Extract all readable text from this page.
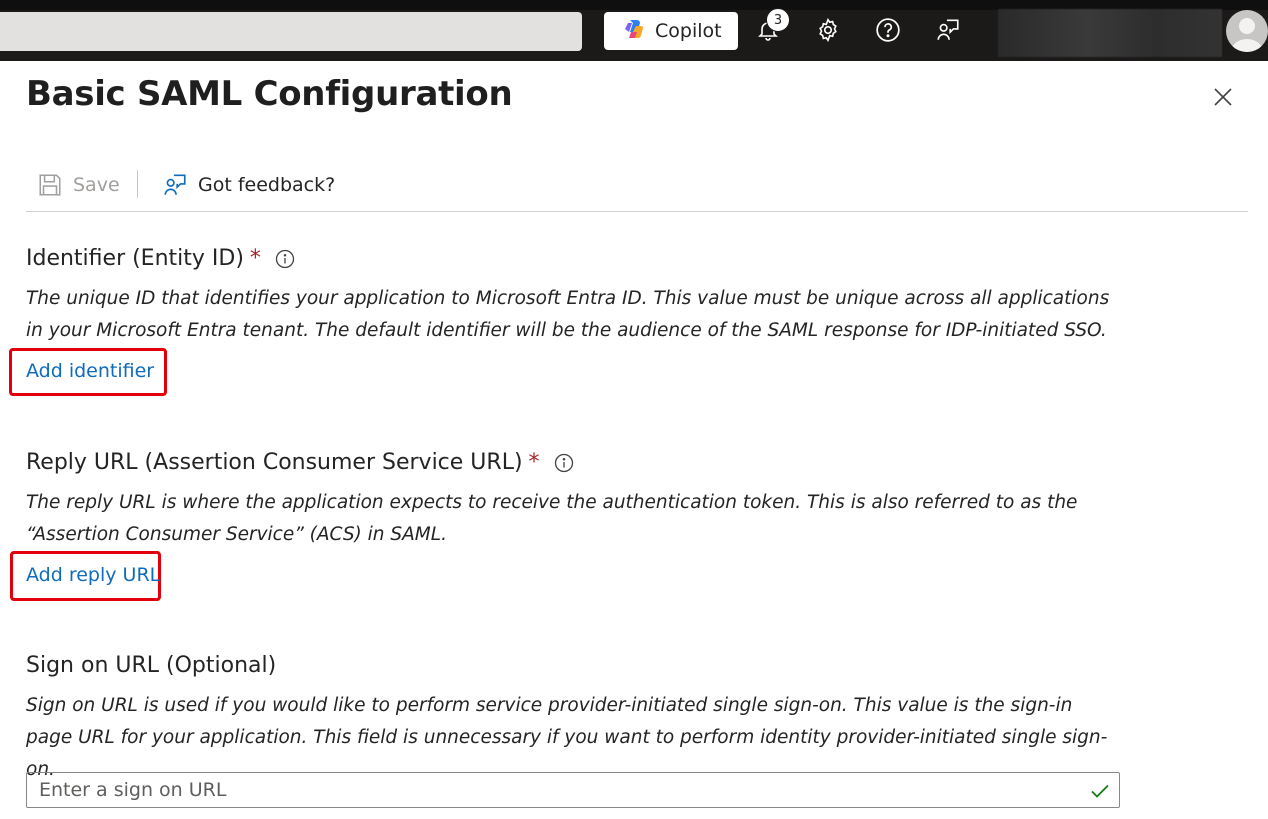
Copilot	3
Basic SAML Configuration
Save	Got feedback?
Identifier (Entity ID) *

The unique ID that identifies your application to Microsoft Entra ID. This value must be unique across all applications in your Microsoft Entra tenant. The default identifier will be the audience of the SAML response for IDP-initiated SSO.

Add identifier
Reply URL (Assertion Consumer Service URL) *

The reply URL is where the application expects to receive the authentication token. This is also referred to as the “Assertion Consumer Service” (ACS) in SAML.

Add reply URL
Sign on URL (Optional)

Sign on URL is used if you would like to perform service provider-initiated single sign-on. This value is the sign-in page URL for your application. This field is unnecessary if you want to perform identity provider-initiated single sign-on.

Enter a sign on URL
